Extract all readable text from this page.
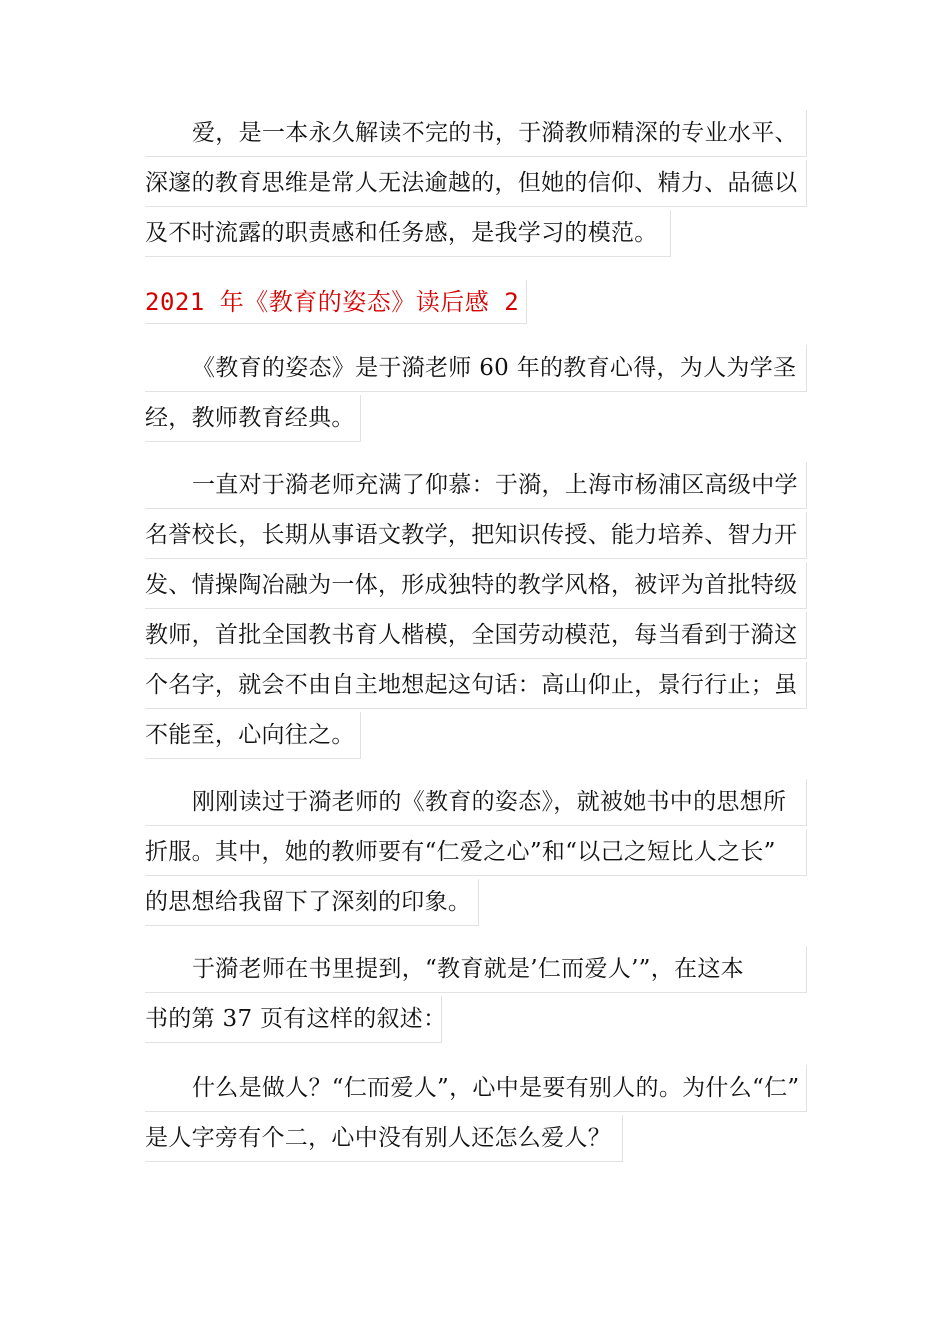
爱，是一本永久解读不完的书，于漪教师精深的专业水平、
深邃的教育思维是常人无法逾越的，但她的信仰、精力、品德以
及不时流露的职责感和任务感，是我学习的模范。
2021 年《教育的姿态》读后感 2
《教育的姿态》是于漪老师 60 年的教育心得，为人为学圣
经，教师教育经典。
一直对于漪老师充满了仰慕：于漪，上海市杨浦区高级中学
名誉校长，长期从事语文教学，把知识传授、能力培养、智力开
发、情操陶冶融为一体，形成独特的教学风格，被评为首批特级
教师，首批全国教书育人楷模，全国劳动模范，每当看到于漪这
个名字，就会不由自主地想起这句话：高山仰止，景行行止；虽
不能至，心向往之。
刚刚读过于漪老师的《教育的姿态》，就被她书中的思想所
折服。其中，她的教师要有“仁爱之心”和“以己之短比人之长”
的思想给我留下了深刻的印象。
于漪老师在书里提到，“教育就是’仁而爱人’”，在这本
书的第 37 页有这样的叙述：
什么是做人？“仁而爱人”，心中是要有别人的。为什么“仁”
是人字旁有个二，心中没有别人还怎么爱人？
